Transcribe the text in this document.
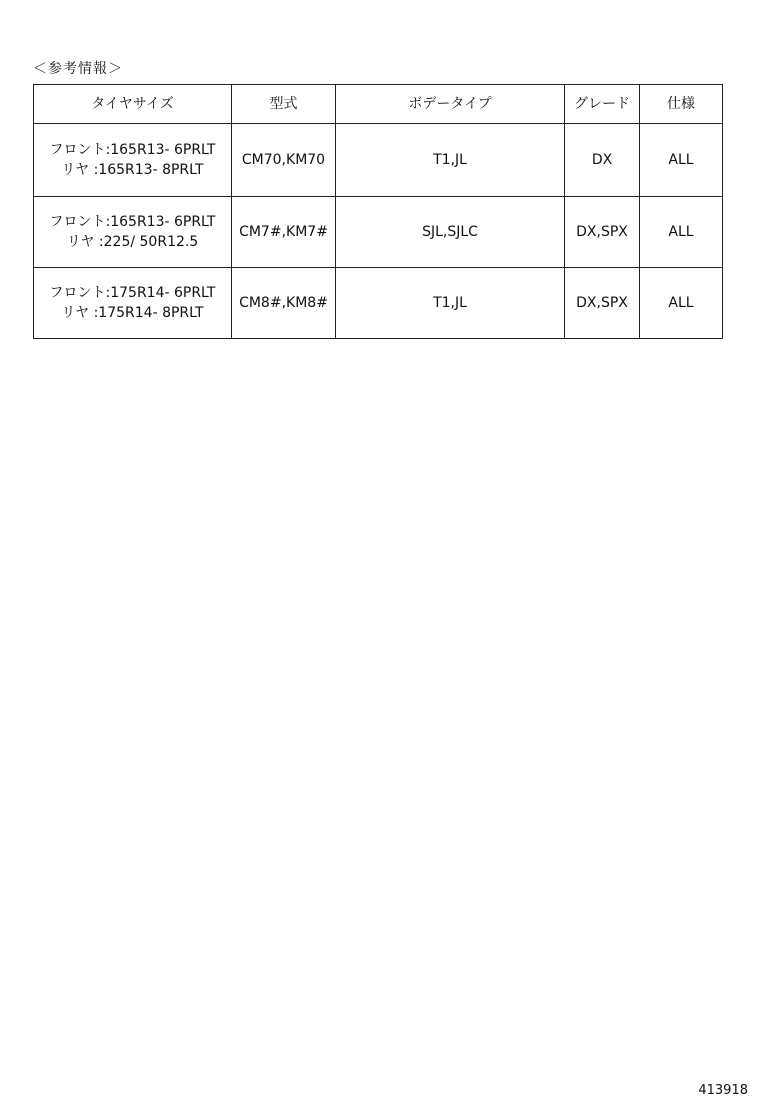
＜参考情報＞
タイヤサイズ	型式	ボデータイプ	グレード	仕様

フロント:165R13- 6PRLT
リヤ :165R13- 8PRLT
	CM70,KM70	T1,JL	DX	ALL

フロント:165R13- 6PRLT
リヤ :225/ 50R12.5
	CM7#,KM7#	SJL,SJLC	DX,SPX	ALL

フロント:175R14- 6PRLT
リヤ :175R14- 8PRLT
	CM8#,KM8#	T1,JL	DX,SPX	ALL
413918
